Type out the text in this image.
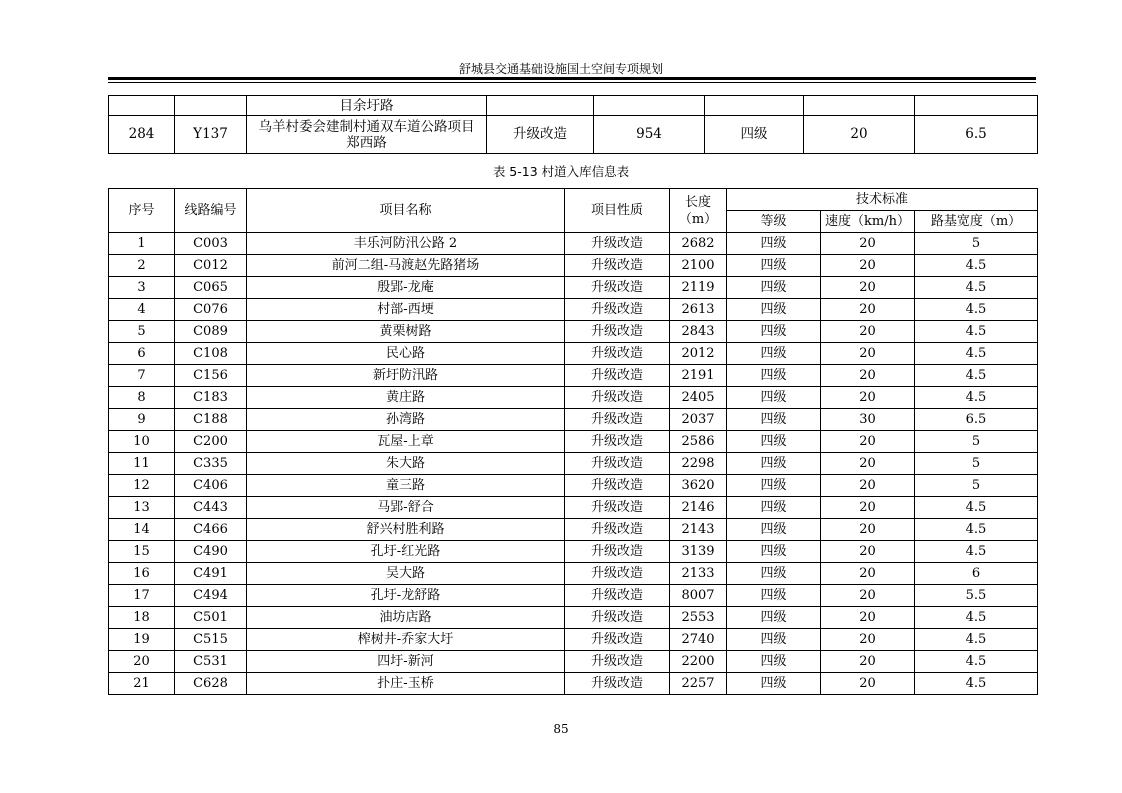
舒城县交通基础设施国土空间专项规划
		目余圩路					
284	Y137	乌羊村委会建制村通双车道公路项目郑西路	升级改造	954	四级	20	6.5
表 5-13 村道入库信息表
序号	线路编号	项目名称	项目性质	长度（m）	技术标准		
					等级	速度（km/h）	路基宽度（m）
1	C003	丰乐河防汛公路 2	升级改造	2682	四级	20	5
2	C012	前河二组-马渡赵先路猪场	升级改造	2100	四级	20	4.5
3	C065	殷郢-龙庵	升级改造	2119	四级	20	4.5
4	C076	村部-西埂	升级改造	2613	四级	20	4.5
5	C089	黄栗树路	升级改造	2843	四级	20	4.5
6	C108	民心路	升级改造	2012	四级	20	4.5
7	C156	新圩防汛路	升级改造	2191	四级	20	4.5
8	C183	黄庄路	升级改造	2405	四级	20	4.5
9	C188	孙湾路	升级改造	2037	四级	30	6.5
10	C200	瓦屋-上章	升级改造	2586	四级	20	5
11	C335	朱大路	升级改造	2298	四级	20	5
12	C406	童三路	升级改造	3620	四级	20	5
13	C443	马郢-舒合	升级改造	2146	四级	20	4.5
14	C466	舒兴村胜利路	升级改造	2143	四级	20	4.5
15	C490	孔圩-红光路	升级改造	3139	四级	20	4.5
16	C491	吴大路	升级改造	2133	四级	20	6
17	C494	孔圩-龙舒路	升级改造	8007	四级	20	5.5
18	C501	油坊店路	升级改造	2553	四级	20	4.5
19	C515	榨树井-乔家大圩	升级改造	2740	四级	20	4.5
20	C531	四圩-新河	升级改造	2200	四级	20	4.5
21	C628	扑庄-玉桥	升级改造	2257	四级	20	4.5
85
